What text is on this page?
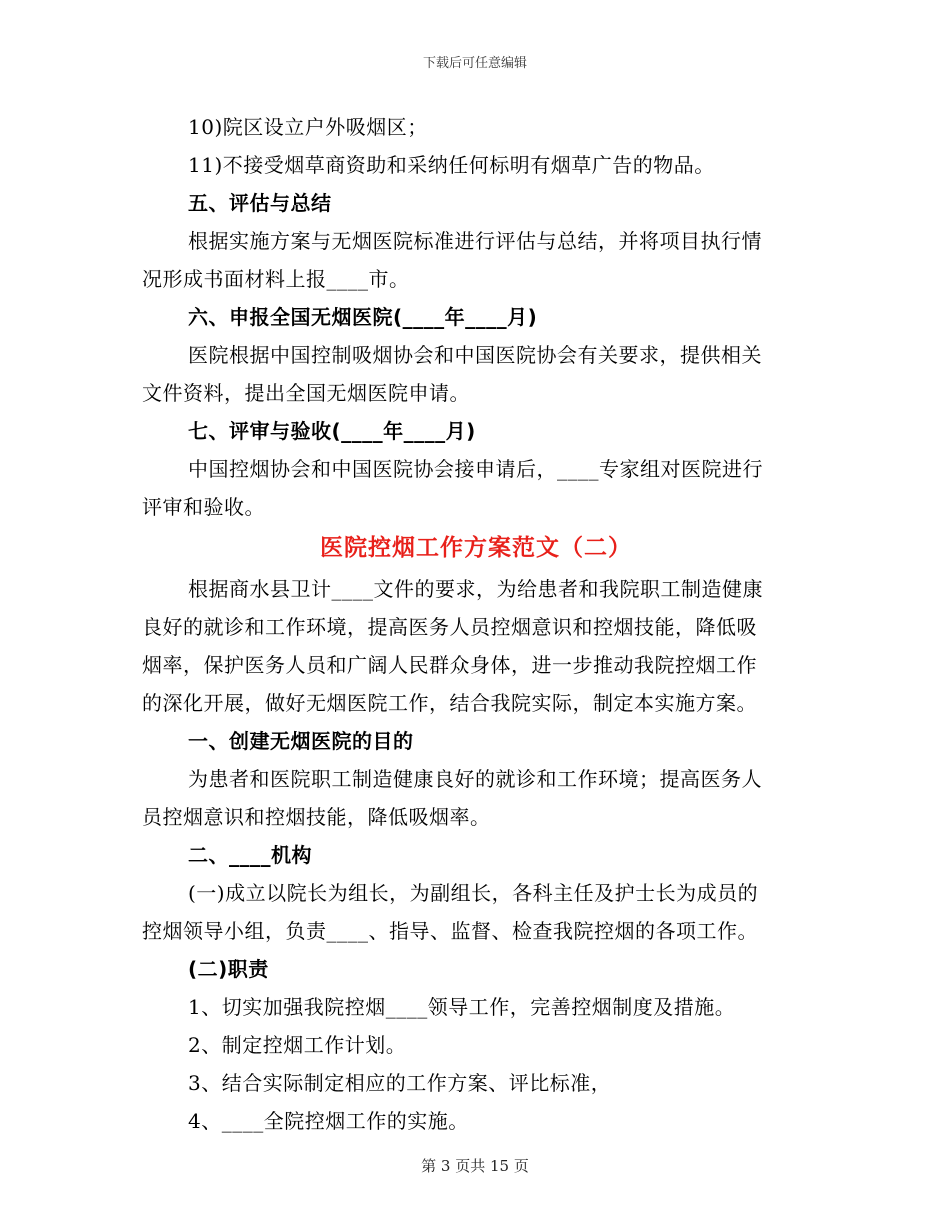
下载后可任意编辑
10)院区设立户外吸烟区；
11)不接受烟草商资助和采纳任何标明有烟草广告的物品。
五、评估与总结
根据实施方案与无烟医院标准进行评估与总结，并将项目执行情
况形成书面材料上报____市。
六、申报全国无烟医院(____年____月)
医院根据中国控制吸烟协会和中国医院协会有关要求，提供相关
文件资料，提出全国无烟医院申请。
七、评审与验收(____年____月)
中国控烟协会和中国医院协会接申请后，____专家组对医院进行
评审和验收。
医院控烟工作方案范文（二）
根据商水县卫计____文件的要求，为给患者和我院职工制造健康
良好的就诊和工作环境，提高医务人员控烟意识和控烟技能，降低吸
烟率，保护医务人员和广阔人民群众身体，进一步推动我院控烟工作
的深化开展，做好无烟医院工作，结合我院实际，制定本实施方案。
一、创建无烟医院的目的
为患者和医院职工制造健康良好的就诊和工作环境；提高医务人
员控烟意识和控烟技能，降低吸烟率。
二、____机构
(一)成立以院长为组长，为副组长，各科主任及护士长为成员的
控烟领导小组，负责____、指导、监督、检查我院控烟的各项工作。
(二)职责
1、切实加强我院控烟____领导工作，完善控烟制度及措施。
2、制定控烟工作计划。
3、结合实际制定相应的工作方案、评比标准，
4、____全院控烟工作的实施。
第 3 页共 15 页
